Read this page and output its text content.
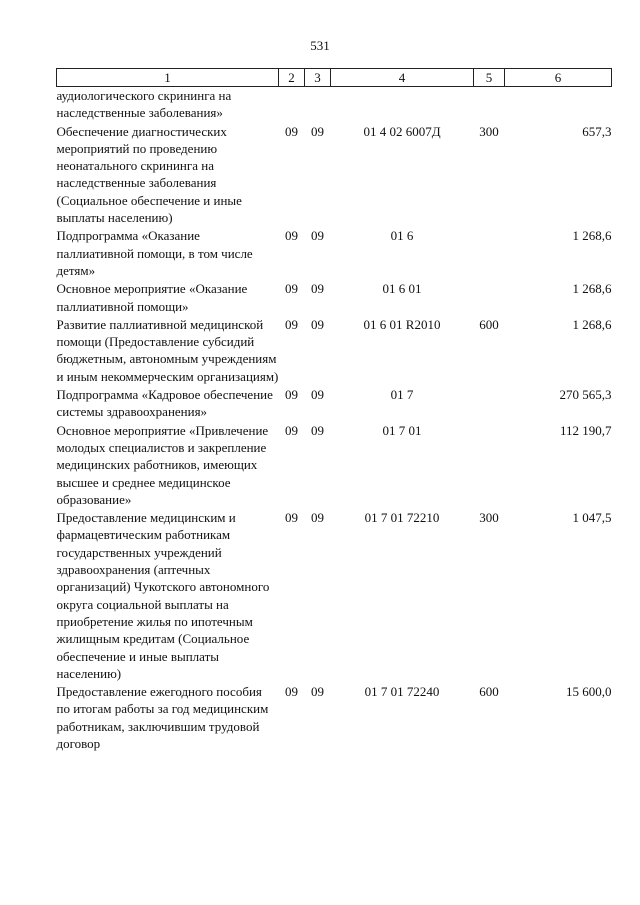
531
1	2	3	4	5	6
аудиологического скрининга на наследственные заболевания»					
Обеспечение диагностических мероприятий по проведению неонатального скрининга на наследственные заболевания (Социальное обеспечение и иные выплаты населению)	09	09	01 4 02 6007Д	300	657,3
Подпрограмма «Оказание паллиативной помощи, в том числе детям»	09	09	01 6		1 268,6
Основное мероприятие «Оказание паллиативной помощи»	09	09	01 6 01		1 268,6
Развитие паллиативной медицинской помощи (Предоставление субсидий бюджетным, автономным учреждениям и иным некоммерческим организациям)	09	09	01 6 01 R2010	600	1 268,6
Подпрограмма «Кадровое обеспечение системы здравоохранения»	09	09	01 7		270 565,3
Основное мероприятие «Привлечение молодых специалистов и закрепление медицинских работников, имеющих высшее и среднее медицинское образование»	09	09	01 7 01		112 190,7
Предоставление медицинским и фармацевтическим работникам государственных учреждений здравоохранения (аптечных организаций) Чукотского автономного округа социальной выплаты на приобретение жилья по ипотечным жилищным кредитам (Социальное обеспечение и иные выплаты населению)	09	09	01 7 01 72210	300	1 047,5
Предоставление ежегодного пособия по итогам работы за год медицинским работникам, заключившим трудовой договор	09	09	01 7 01 72240	600	15 600,0
